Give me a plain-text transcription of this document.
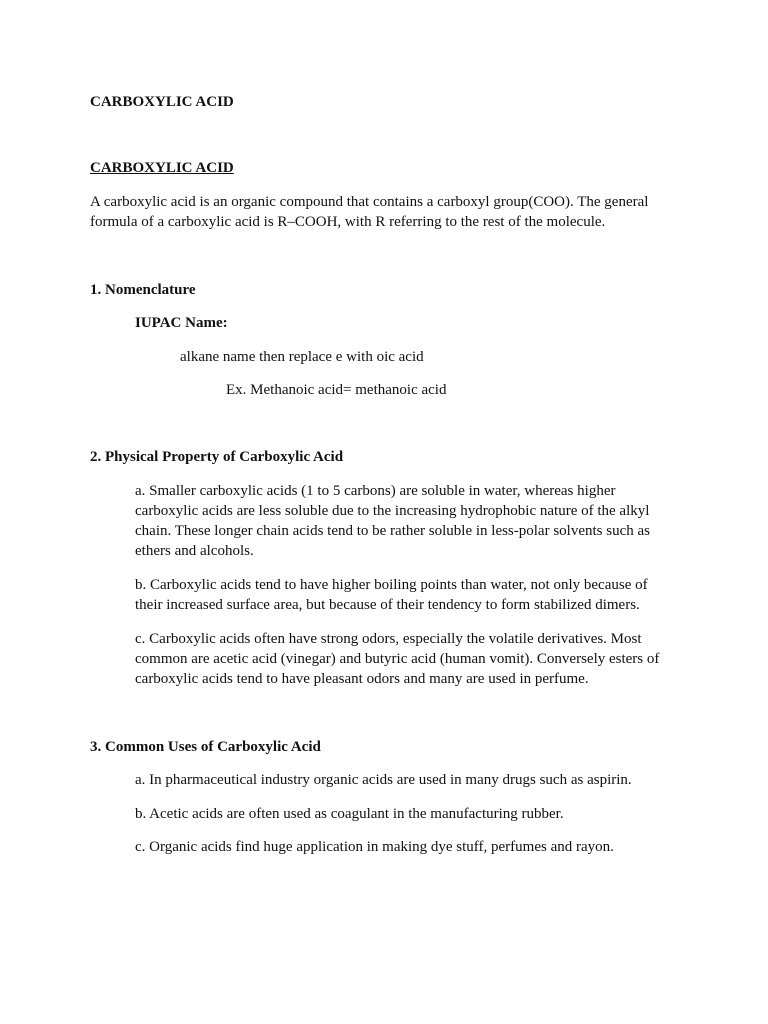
CARBOXYLIC ACID

CARBOXYLIC ACID

A carboxylic acid is an organic compound that contains a carboxyl group(COO). The general formula of a carboxylic acid is R–COOH, with R referring to the rest of the molecule.

1. Nomenclature

IUPAC Name:

alkane name then replace e with oic acid

Ex. Methanoic acid= methanoic acid

2. Physical Property of Carboxylic Acid

a. Smaller carboxylic acids (1 to 5 carbons) are soluble in water, whereas higher carboxylic acids are less soluble due to the increasing hydrophobic nature of the alkyl chain. These longer chain acids tend to be rather soluble in less-polar solvents such as ethers and alcohols.

b. Carboxylic acids tend to have higher boiling points than water, not only because of their increased surface area, but because of their tendency to form stabilized dimers.

c. Carboxylic acids often have strong odors, especially the volatile derivatives. Most common are acetic acid (vinegar) and butyric acid (human vomit). Conversely esters of carboxylic acids tend to have pleasant odors and many are used in perfume.

3. Common Uses of Carboxylic Acid

a. In pharmaceutical industry organic acids are used in many drugs such as aspirin.

b. Acetic acids are often used as coagulant in the manufacturing rubber.

c. Organic acids find huge application in making dye stuff, perfumes and rayon.
